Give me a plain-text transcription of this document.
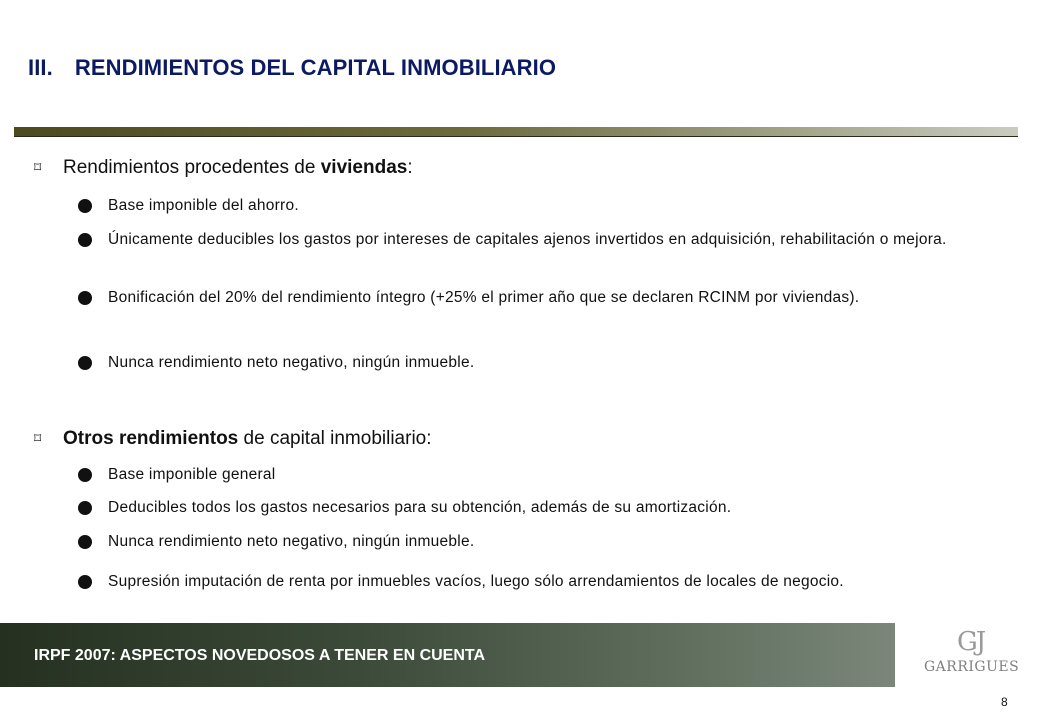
III. RENDIMIENTOS DEL CAPITAL INMOBILIARIO
⌑	Rendimientos procedentes de viviendas:
Base imponible del ahorro.
Únicamente deducibles los gastos por intereses de capitales ajenos invertidos en adquisición, rehabilitación o mejora.
Bonificación del 20% del rendimiento íntegro (+25% el primer año que se declaren RCINM por viviendas).
Nunca rendimiento neto negativo, ningún inmueble.
⌑	Otros rendimientos de capital inmobiliario:
Base imponible general
Deducibles todos los gastos necesarios para su obtención, además de su amortización.
Nunca rendimiento neto negativo, ningún inmueble.
Supresión imputación de renta por inmuebles vacíos, luego sólo arrendamientos de locales de negocio.
IRPF 2007: ASPECTOS NOVEDOSOS A TENER EN CUENTA	GJ
GARRIGUES
8
